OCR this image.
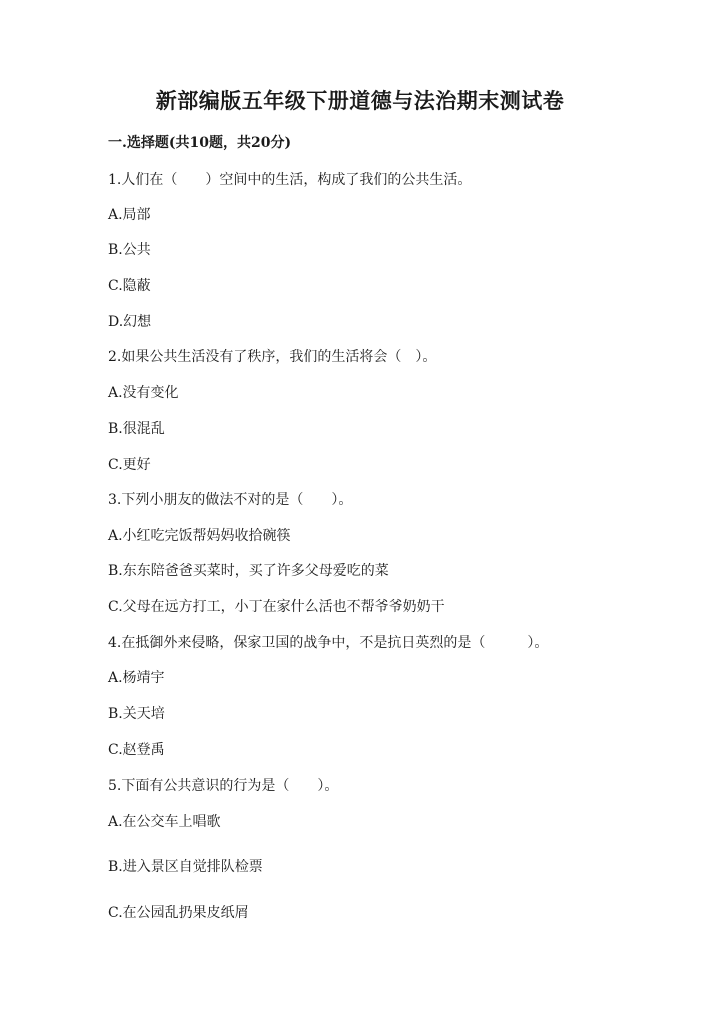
新部编版五年级下册道德与法治期末测试卷
一.选择题(共10题，共20分)
1.人们在（　　）空间中的生活，构成了我们的公共生活。
A.局部
B.公共
C.隐蔽
D.幻想
2.如果公共生活没有了秩序，我们的生活将会（　）。
A.没有变化
B.很混乱
C.更好
3.下列小朋友的做法不对的是（　　）。
A.小红吃完饭帮妈妈收拾碗筷
B.东东陪爸爸买菜时，买了许多父母爱吃的菜
C.父母在远方打工，小丁在家什么活也不帮爷爷奶奶干
4.在抵御外来侵略，保家卫国的战争中，不是抗日英烈的是（　　　）。
A.杨靖宇
B.关天培
C.赵登禹
5.下面有公共意识的行为是（　　）。
A.在公交车上唱歌
B.进入景区自觉排队检票
C.在公园乱扔果皮纸屑
